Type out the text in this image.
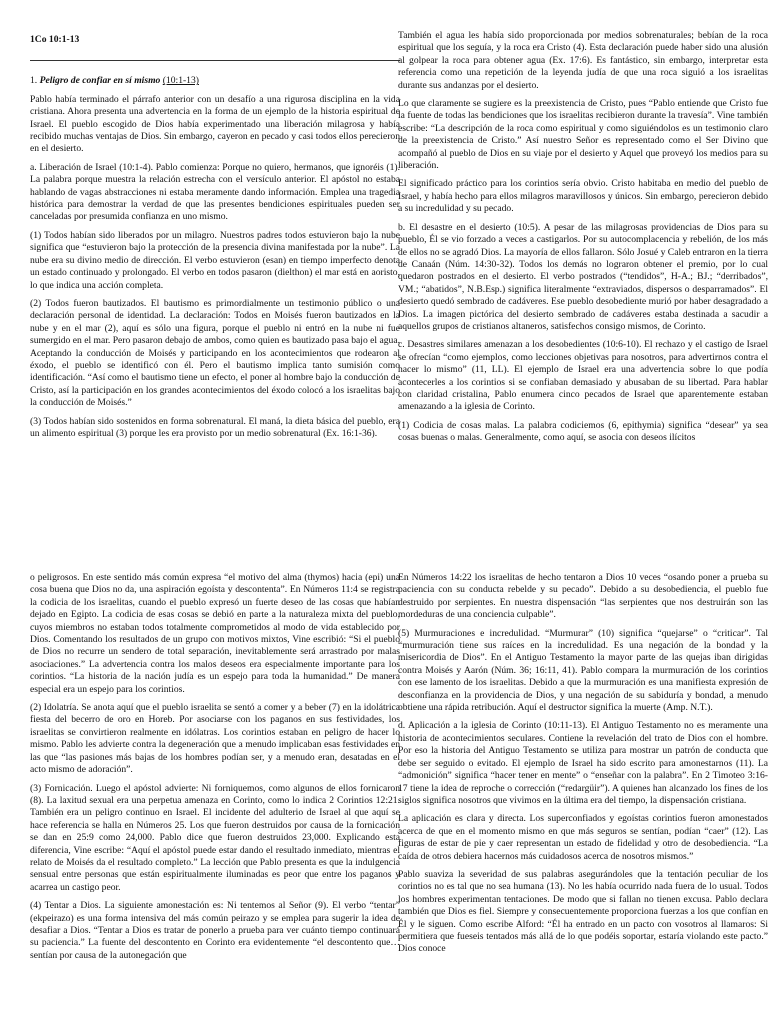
1Co 10:1-13

1. Peligro de confiar en sí mismo (10:1-13)

Pablo había terminado el párrafo anterior con un desafío a una rigurosa disciplina en la vida cristiana. Ahora presenta una advertencia en la forma de un ejemplo de la historia espiritual de Israel. El pueblo escogido de Dios había experimentado una liberación milagrosa y había recibido muchas ventajas de Dios. Sin embargo, cayeron en pecado y casi todos ellos perecieron en el desierto.

a. Liberación de Israel (10:1-4). Pablo comienza: Porque no quiero, hermanos, que ignoréis (1). La palabra porque muestra la relación estrecha con el versículo anterior. El apóstol no estaba hablando de vagas abstracciones ni estaba meramente dando información. Emplea una tragedia histórica para demostrar la verdad de que las presentes bendiciones espirituales pueden ser canceladas por presumida confianza en uno mismo.

(1) Todos habían sido liberados por un milagro. Nuestros padres todos estuvieron bajo la nube significa que “estuvieron bajo la protección de la presencia divina manifestada por la nube”. La nube era su divino medio de dirección. El verbo estuvieron (esan) en tiempo imperfecto denota un estado continuado y prolongado. El verbo en todos pasaron (dielthon) el mar está en aoristo, lo que indica una acción completa.

(2) Todos fueron bautizados. El bautismo es primordialmente un testimonio público o una declaración personal de identidad. La declaración: Todos en Moisés fueron bautizados en la nube y en el mar (2), aquí es sólo una figura, porque el pueblo ni entró en la nube ni fue sumergido en el mar. Pero pasaron debajo de ambos, como quien es bautizado pasa bajo el agua. Aceptando la conducción de Moisés y participando en los acontecimientos que rodearon al éxodo, el pueblo se identificó con él. Pero el bautismo implica tanto sumisión como identificación. “Así como el bautismo tiene un efecto, el poner al hombre bajo la conducción de Cristo, así la participación en los grandes acontecimientos del éxodo colocó a los israelitas bajo la conducción de Moisés.”

(3) Todos habían sido sostenidos en forma sobrenatural. El maná, la dieta básica del pueblo, era un alimento espiritual (3) porque les era provisto por un medio sobrenatural (Ex. 16:1-36).

También el agua les había sido proporcionada por medios sobrenaturales; bebían de la roca espiritual que los seguía, y la roca era Cristo (4). Esta declaración puede haber sido una alusión al golpear la roca para obtener agua (Ex. 17:6). Es fantástico, sin embargo, interpretar esta referencia como una repetición de la leyenda judía de que una roca siguió a los israelitas durante sus andanzas por el desierto.

Lo que claramente se sugiere es la preexistencia de Cristo, pues “Pablo entiende que Cristo fue la fuente de todas las bendiciones que los israelitas recibieron durante la travesía”. Vine también escribe: “La descripción de la roca como espiritual y como siguiéndolos es un testimonio claro de la preexistencia de Cristo.” Así nuestro Señor es representado como el Ser Divino que acompañó al pueblo de Dios en su viaje por el desierto y Aquel que proveyó los medios para su liberación.

El significado práctico para los corintios sería obvio. Cristo habitaba en medio del pueblo de Israel, y había hecho para ellos milagros maravillosos y únicos. Sin embargo, perecieron debido a su incredulidad y su pecado.

b. El desastre en el desierto (10:5). A pesar de las milagrosas providencias de Dios para su pueblo, Él se vio forzado a veces a castigarlos. Por su autocomplacencia y rebelión, de los más de ellos no se agradó Dios. La mayoría de ellos fallaron. Sólo Josué y Caleb entraron en la tierra de Canaán (Núm. 14:30-32). Todos los demás no lograron obtener el premio, por lo cual quedaron postrados en el desierto. El verbo postrados (“tendidos”, H-A.; BJ.; “derribados”, VM.; “abatidos”, N.B.Esp.) significa literalmente “extraviados, dispersos o desparramados”. El desierto quedó sembrado de cadáveres. Ese pueblo desobediente murió por haber desagradado a Dios. La imagen pictórica del desierto sembrado de cadáveres estaba destinada a sacudir a aquellos grupos de cristianos altaneros, satisfechos consigo mismos, de Corinto.

c. Desastres similares amenazan a los desobedientes (10:6-10). El rechazo y el castigo de Israel se ofrecían “como ejemplos, como lecciones objetivas para nosotros, para advertirnos contra el hacer lo mismo” (11, LL). El ejemplo de Israel era una advertencia sobre lo que podía acontecerles a los corintios si se confiaban demasiado y abusaban de su libertad. Para hablar con claridad cristalina, Pablo enumera cinco pecados de Israel que aparentemente estaban amenazando a la iglesia de Corinto.

(1) Codicia de cosas malas. La palabra codiciemos (6, epithymia) significa “desear” ya sea cosas buenas o malas. Generalmente, como aquí, se asocia con deseos ilícitos

o peligrosos. En este sentido más común expresa “el motivo del alma (thymos) hacia (epi) una cosa buena que Dios no da, una aspiración egoísta y descontenta”. En Números 11:4 se registra la codicia de los israelitas, cuando el pueblo expresó un fuerte deseo de las cosas que habían dejado en Egipto. La codicia de esas cosas se debió en parte a la naturaleza mixta del pueblo, cuyos miembros no estaban todos totalmente comprometidos al modo de vida establecido por Dios. Comentando los resultados de un grupo con motivos mixtos, Vine escribió: “Si el pueblo de Dios no recurre un sendero de total separación, inevitablemente será arrastrado por malas asociaciones.” La advertencia contra los malos deseos era especialmente importante para los corintios. “La historia de la nación judía es un espejo para toda la humanidad.” De manera especial era un espejo para los corintios.

(2) Idolatría. Se anota aquí que el pueblo israelita se sentó a comer y a beber (7) en la idolátrica fiesta del becerro de oro en Horeb. Por asociarse con los paganos en sus festividades, los israelitas se convirtieron realmente en idólatras. Los corintios estaban en peligro de hacer lo mismo. Pablo les advierte contra la degeneración que a menudo implicaban esas festividades en las que “las pasiones más bajas de los hombres podían ser, y a menudo eran, desatadas en el acto mismo de adoración”.

(3) Fornicación. Luego el apóstol advierte: Ni forniquemos, como algunos de ellos fornicaron (8). La laxitud sexual era una perpetua amenaza en Corinto, como lo indica 2 Corintios 12:21. También era un peligro continuo en Israel. El incidente del adulterio de Israel al que aquí se hace referencia se halla en Números 25. Los que fueron destruidos por causa de la fornicación se dan en 25:9 como 24,000. Pablo dice que fueron destruidos 23,000. Explicando esta diferencia, Vine escribe: “Aquí el apóstol puede estar dando el resultado inmediato, mientras el relato de Moisés da el resultado completo.” La lección que Pablo presenta es que la indulgencia sensual entre personas que están espiritualmente iluminadas es peor que entre los paganos y acarrea un castigo peor.

(4) Tentar a Dios. La siguiente amonestación es: Ni tentemos al Señor (9). El verbo “tentar” (ekpeirazo) es una forma intensiva del más común peirazo y se emplea para sugerir la idea de desafiar a Dios. “Tentar a Dios es tratar de ponerlo a prueba para ver cuánto tiempo continuará su paciencia.” La fuente del descontento en Corinto era evidentemente “el descontento que… sentían por causa de la autonegación que

En Números 14:22 los israelitas de hecho tentaron a Dios 10 veces “osando poner a prueba su paciencia con su conducta rebelde y su pecado”. Debido a su desobediencia, el pueblo fue destruido por serpientes. En nuestra dispensación “las serpientes que nos destruirán son las mordeduras de una conciencia culpable”.

(5) Murmuraciones e incredulidad. “Murmurar” (10) significa “quejarse” o “criticar”. Tal “murmuración tiene sus raíces en la incredulidad. Es una negación de la bondad y la misericordia de Dios”. En el Antiguo Testamento la mayor parte de las quejas iban dirigidas contra Moisés y Aarón (Núm. 36; 16:11, 41). Pablo compara la murmuración de los corintios con ese lamento de los israelitas. Debido a que la murmuración es una manifiesta expresión de desconfianza en la providencia de Dios, y una negación de su sabiduría y bondad, a menudo obtiene una rápida retribución. Aquí el destructor significa la muerte (Amp. N.T.).

d. Aplicación a la iglesia de Corinto (10:11-13). El Antiguo Testamento no es meramente una historia de acontecimientos seculares. Contiene la revelación del trato de Dios con el hombre. Por eso la historia del Antiguo Testamento se utiliza para mostrar un patrón de conducta que debe ser seguido o evitado. El ejemplo de Israel ha sido escrito para amonestarnos (11). La “admonición” significa “hacer tener en mente” o “enseñar con la palabra”. En 2 Timoteo 3:16-17 tiene la idea de reproche o corrección (“redargüir”). A quienes han alcanzado los fines de los siglos significa nosotros que vivimos en la última era del tiempo, la dispensación cristiana.

La aplicación es clara y directa. Los superconfiados y egoístas corintios fueron amonestados acerca de que en el momento mismo en que más seguros se sentían, podían “caer” (12). Las figuras de estar de pie y caer representan un estado de fidelidad y otro de desobediencia. “La caída de otros debiera hacernos más cuidadosos acerca de nosotros mismos.”

Pablo suaviza la severidad de sus palabras asegurándoles que la tentación peculiar de los corintios no es tal que no sea humana (13). No les había ocurrido nada fuera de lo usual. Todos los hombres experimentan tentaciones. De modo que si fallan no tienen excusa. Pablo declara también que Dios es fiel. Siempre y consecuentemente proporciona fuerzas a los que confían en Él y le siguen. Como escribe Alford: “Él ha entrado en un pacto con vosotros al llamaros: Si permitiera que fueseis tentados más allá de lo que podéis soportar, estaría violando este pacto.” Dios conoce
